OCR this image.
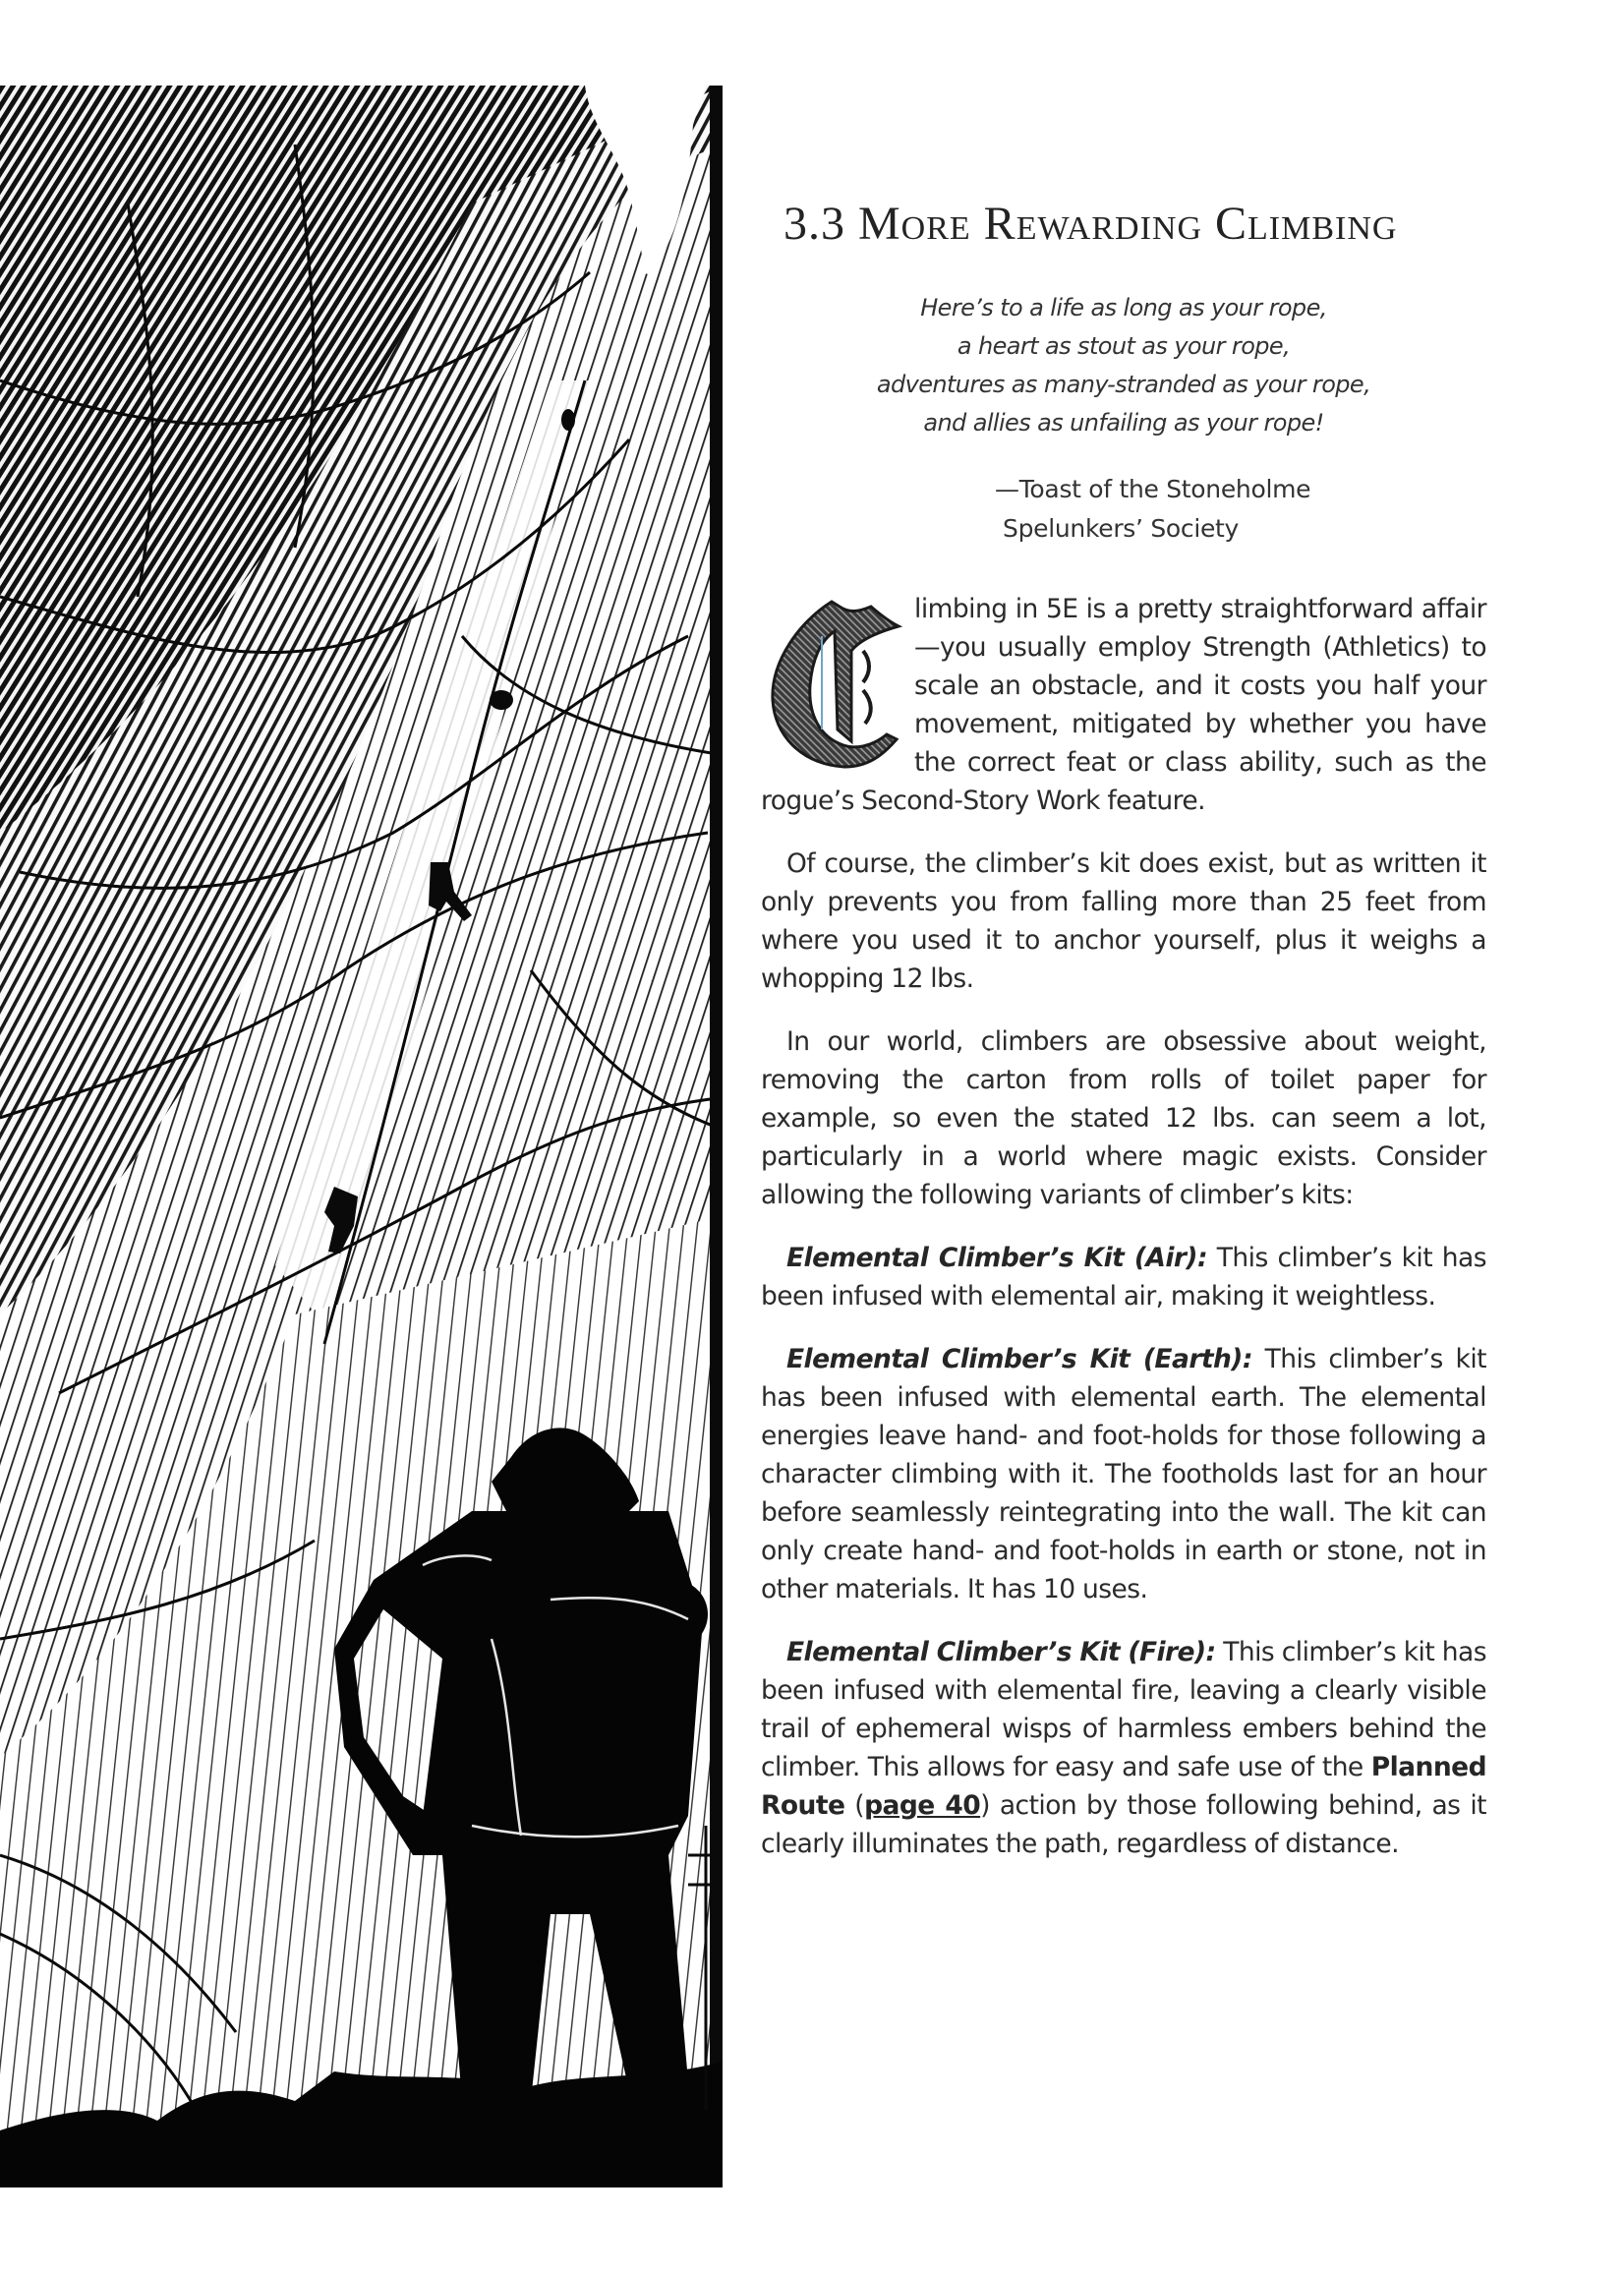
3.3 More Rewarding Climbing
Here’s to a life as long as your rope,
a heart as stout as your rope,
adventures as many-stranded as your rope,
and allies as unfailing as your rope!
—Toast of the Stoneholme
Spelunkers’ Society

limbing in 5E is a pretty straightforward affair—you usually employ Strength (Athletics) to scale an obstacle, and it costs you half your movement, mitigated by whether you have the correct feat or class ability, such as the rogue’s Second-Story Work feature.

Of course, the climber’s kit does exist, but as written it only prevents you from falling more than 25 feet from where you used it to anchor yourself, plus it weighs a whopping 12 lbs.

In our world, climbers are obsessive about weight, removing the carton from rolls of toilet paper for example, so even the stated 12 lbs. can seem a lot, particularly in a world where magic exists. Consider allowing the following variants of climber’s kits:

Elemental Climber’s Kit (Air): This climber’s kit has been infused with elemental air, making it weightless.

Elemental Climber’s Kit (Earth): This climber’s kit has been infused with elemental earth. The elemental energies leave hand- and foot-holds for those following a character climbing with it. The footholds last for an hour before seamlessly reintegrating into the wall. The kit can only create hand- and foot-holds in earth or stone, not in other materials. It has 10 uses.

Elemental Climber’s Kit (Fire): This climber’s kit has been infused with elemental fire, leaving a clearly visible trail of ephemeral wisps of harmless embers behind the climber. This allows for easy and safe use of the Planned Route (page 40) action by those following behind, as it clearly illuminates the path, regardless of distance.
